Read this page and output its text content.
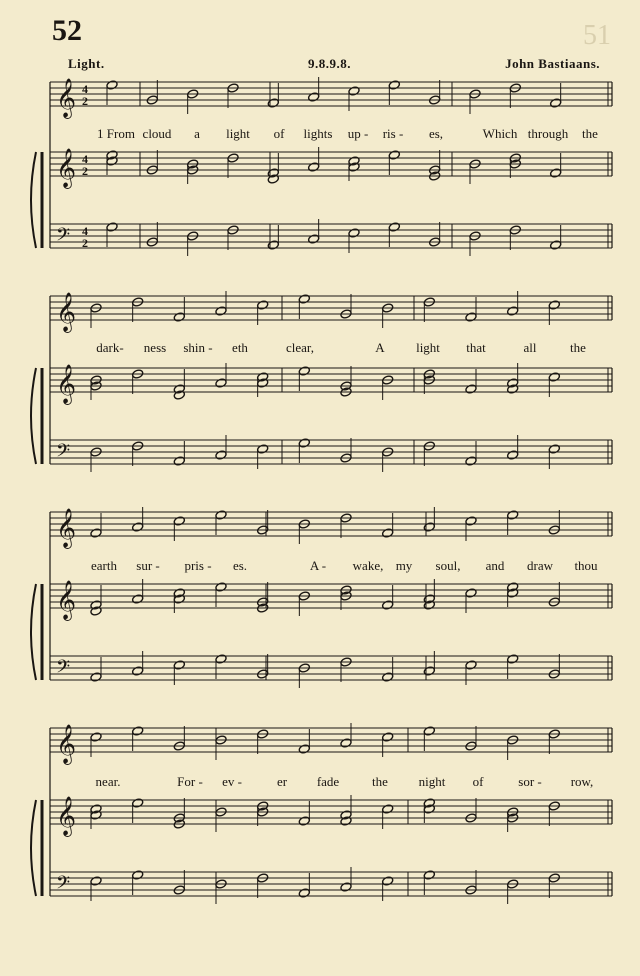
52	51
Light.	9.8.9.8.	John Bastiaans.
𝄞 4
2
𝄞 4
2
𝄢 4
2
𝄞
𝄞
𝄢
𝄞
𝄞
𝄢
𝄞
𝄞
𝄢
1 From cloud a light of lights up - ris - es,	Which through the
dark- ness shin - eth	clear,	A light that	all	the
earth sur - pris - es.	A - wake, my soul, and draw thou
near.	For - ev -	er fade	the night of	sor - row,
